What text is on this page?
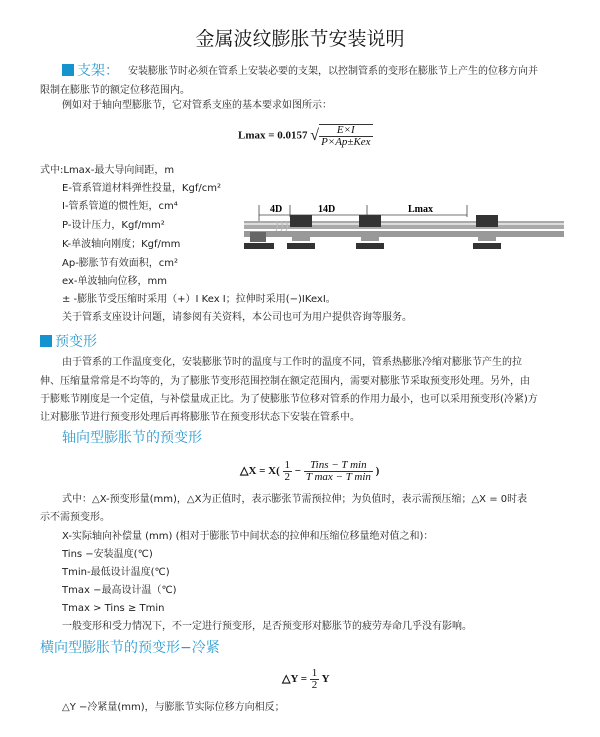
金属波纹膨胀节安装说明
支架： 安装膨胀节时必须在管系上安装必要的支架，以控制管系的变形在膨胀节上产生的位移方向并
限制在膨胀节的额定位移范围内。
例如对于轴向型膨胀节，它对管系支座的基本要求如图所示：
Lmax = 0.0157 √ $\frac{E\times I}{\text{P×Ap±Kex}}$
式中:Lmax-最大导向间距，m
E-管系管道材料弹性投量，Kgf/cm²
I-管系管道的惯性矩，cm⁴
P-设计压力，Kgf/mm²
K-单波轴向刚度；Kgf/mm
Ap-膨胀节有效面积，cm²
ex-单波轴向位移，mm
± -膨胀节受压缩时采用（+）I Kex I；拉伸时采用(−)IKexI。
关于管系支座设计问题，请参阅有关资料，本公司也可为用户提供咨询等服务。
4D	14D	Lmax
预变形
由于管系的工作温度变化，安装膨胀节时的温度与工作时的温度不同，管系热膨胀冷缩对膨胀节产生的拉
伸、压缩量常常是不均等的，为了膨胀节变形范围控制在额定范围内，需要对膨胀节采取预变形处理。另外，由
于膨账节刚度是一个定值，与补偿量成正比。为了使膨胀节位移对管系的作用力最小，也可以采用预变形(冷紧)方
让对膨胀节进行预变形处理后再将膨胀节在预变形状态下安装在管系中。
轴向型膨胀节的预变形
△X = $X( \frac{1}{2} - \frac{\text{Tins − T min}}{\text{T max − T min}}$ )
式中：△X-预变形量(mm)，△X为正值时，表示膨张节需预拉伸；为负值时，表示需预压缩；△X = 0时表
示不需预变形。
X-实际轴向补偿量 (mm) (相对于膨胀节中间状态的拉伸和压缩位移量绝对值之和)：
Tins −安装温度(℃)
Tmin-最低设计温度(℃)
Tmax −最高设计温（℃)
Tmax > Tins ≥ Tmin
一般变形和受力情况下，不一定进行预变形，足否预变形对膨胀节的疲劳寿命几乎没有影响。
横向型膨胀节的预变形−冷紧
△Y = $\frac{1}{2}$ Y
△Y −冷紧量(mm)，与膨胀节实际位移方向相反；
